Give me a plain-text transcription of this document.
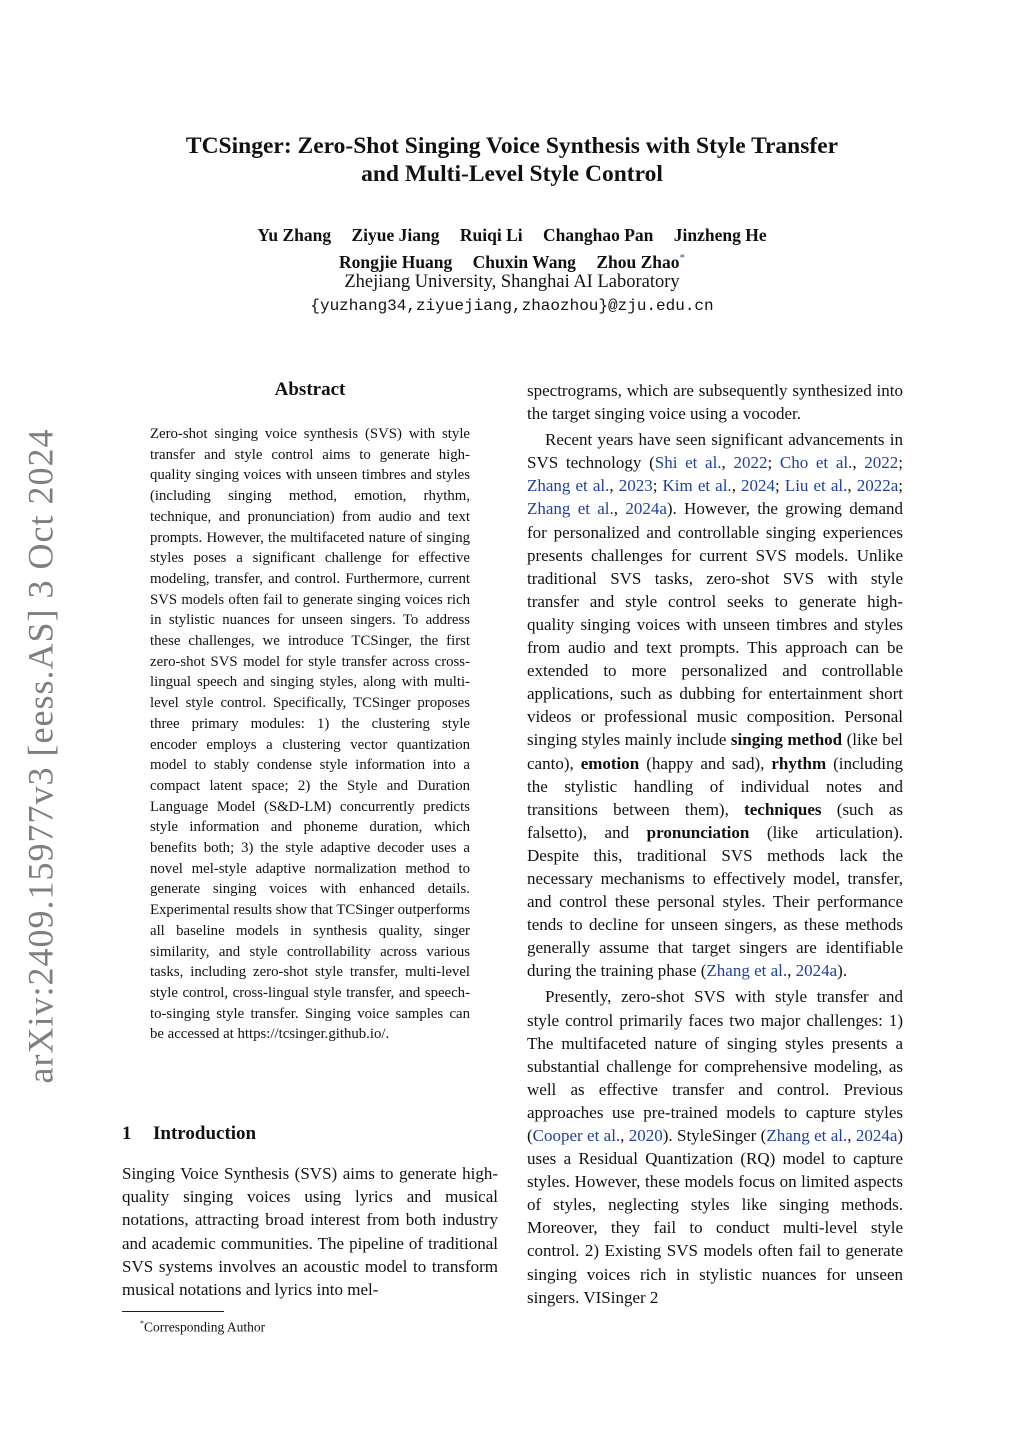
arXiv:2409.15977v3 [eess.AS] 3 Oct 2024
TCSinger: Zero-Shot Singing Voice Synthesis with Style Transfer
and Multi-Level Style Control
Yu Zhang Ziyue Jiang Ruiqi Li Changhao Pan Jinzheng He
Rongjie Huang Chuxin Wang Zhou Zhao*
Zhejiang University, Shanghai AI Laboratory
{yuzhang34,ziyuejiang,zhaozhou}@zju.edu.cn
Abstract
Zero-shot singing voice synthesis (SVS) with style transfer and style control aims to generate high-quality singing voices with unseen timbres and styles (including singing method, emotion, rhythm, technique, and pronunciation) from audio and text prompts. However, the multifaceted nature of singing styles poses a significant challenge for effective modeling, transfer, and control. Furthermore, current SVS models often fail to generate singing voices rich in stylistic nuances for unseen singers. To address these challenges, we introduce TCSinger, the first zero-shot SVS model for style transfer across cross-lingual speech and singing styles, along with multi-level style control. Specifically, TCSinger proposes three primary modules: 1) the clustering style encoder employs a clustering vector quantization model to stably condense style information into a compact latent space; 2) the Style and Duration Language Model (S&D-LM) concurrently predicts style information and phoneme duration, which benefits both; 3) the style adaptive decoder uses a novel mel-style adaptive normalization method to generate singing voices with enhanced details. Experimental results show that TCSinger outperforms all baseline models in synthesis quality, singer similarity, and style controllability across various tasks, including zero-shot style transfer, multi-level style control, cross-lingual style transfer, and speech-to-singing style transfer. Singing voice samples can be accessed at https://tcsinger.github.io/.
1 Introduction
Singing Voice Synthesis (SVS) aims to generate high-quality singing voices using lyrics and musical notations, attracting broad interest from both industry and academic communities. The pipeline of traditional SVS systems involves an acoustic model to transform musical notations and lyrics into mel-
*Corresponding Author

spectrograms, which are subsequently synthesized into the target singing voice using a vocoder.

Recent years have seen significant advancements in SVS technology (Shi et al., 2022; Cho et al., 2022; Zhang et al., 2023; Kim et al., 2024; Liu et al., 2022a; Zhang et al., 2024a). However, the growing demand for personalized and controllable singing experiences presents challenges for current SVS models. Unlike traditional SVS tasks, zero-shot SVS with style transfer and style control seeks to generate high-quality singing voices with unseen timbres and styles from audio and text prompts. This approach can be extended to more personalized and controllable applications, such as dubbing for entertainment short videos or professional music composition. Personal singing styles mainly include singing method (like bel canto), emotion (happy and sad), rhythm (including the stylistic handling of individual notes and transitions between them), techniques (such as falsetto), and pronunciation (like articulation). Despite this, traditional SVS methods lack the necessary mechanisms to effectively model, transfer, and control these personal styles. Their performance tends to decline for unseen singers, as these methods generally assume that target singers are identifiable during the training phase (Zhang et al., 2024a).

Presently, zero-shot SVS with style transfer and style control primarily faces two major challenges: 1) The multifaceted nature of singing styles presents a substantial challenge for comprehensive modeling, as well as effective transfer and control. Previous approaches use pre-trained models to capture styles (Cooper et al., 2020). StyleSinger (Zhang et al., 2024a) uses a Residual Quantization (RQ) model to capture styles. However, these models focus on limited aspects of styles, neglecting styles like singing methods. Moreover, they fail to conduct multi-level style control. 2) Existing SVS models often fail to generate singing voices rich in stylistic nuances for unseen singers. VISinger 2
